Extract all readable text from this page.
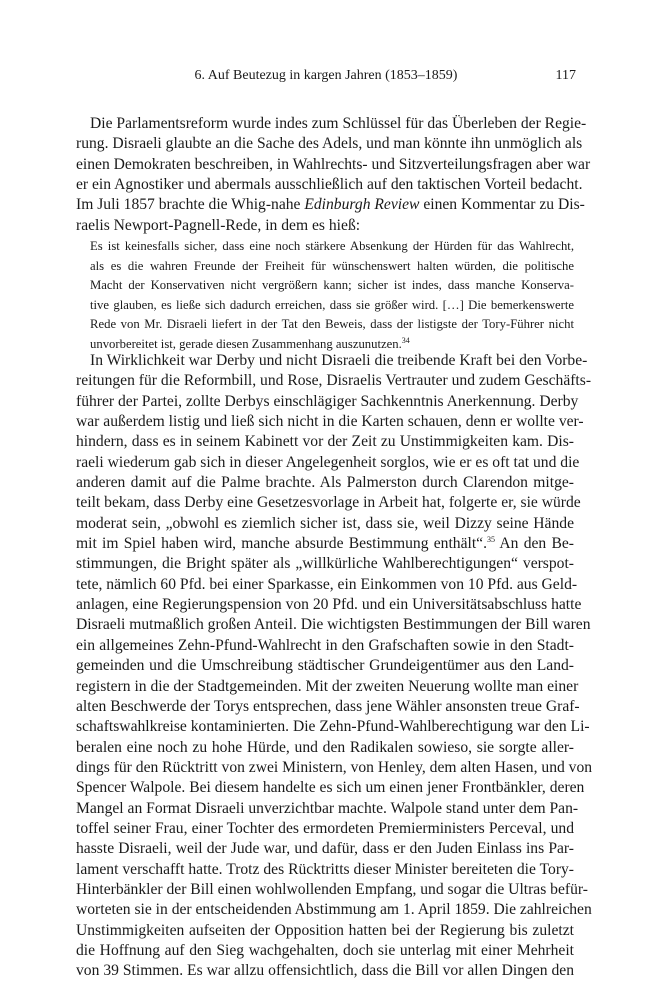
6. Auf Beutezug in kargen Jahren (1853–1859)	117

Die Parlamentsreform wurde indes zum Schlüssel für das Überleben der Regie-
rung. Disraeli glaubte an die Sache des Adels, und man könnte ihn unmöglich als
einen Demokraten beschreiben, in Wahlrechts- und Sitzverteilungsfragen aber war
er ein Agnostiker und abermals ausschließlich auf den taktischen Vorteil bedacht.
Im Juli 1857 brachte die Whig-nahe Edinburgh Review einen Kommentar zu Dis-
raelis Newport-Pagnell-Rede, in dem es hieß:

Es ist keinesfalls sicher, dass eine noch stärkere Absenkung der Hürden für das Wahlrecht,
als es die wahren Freunde der Freiheit für wünschenswert halten würden, die politische
Macht der Konservativen nicht vergrößern kann; sicher ist indes, dass manche Konserva-
tive glauben, es ließe sich dadurch erreichen, dass sie größer wird. […] Die bemerkenswerte
Rede von Mr. Disraeli liefert in der Tat den Beweis, dass der listigste der Tory-Führer nicht
unvorbereitet ist, gerade diesen Zusammenhang auszunutzen.$^{34}$

In Wirklichkeit war Derby und nicht Disraeli die treibende Kraft bei den Vorbe-
reitungen für die Reformbill, und Rose, Disraelis Vertrauter und zudem Geschäfts-
führer der Partei, zollte Derbys einschlägiger Sachkenntnis Anerkennung. Derby
war außerdem listig und ließ sich nicht in die Karten schauen, denn er wollte ver-
hindern, dass es in seinem Kabinett vor der Zeit zu Unstimmigkeiten kam. Dis-
raeli wiederum gab sich in dieser Angelegenheit sorglos, wie er es oft tat und die
anderen damit auf die Palme brachte. Als Palmerston durch Clarendon mitge-
teilt bekam, dass Derby eine Gesetzesvorlage in Arbeit hat, folgerte er, sie würde
moderat sein, „obwohl es ziemlich sicher ist, dass sie, weil Dizzy seine Hände
mit im Spiel haben wird, manche absurde Bestimmung enthält“.$^{35}$ An den Be-
stimmungen, die Bright später als „willkürliche Wahlberechtigungen“ verspot-
tete, nämlich 60 Pfd. bei einer Sparkasse, ein Einkommen von 10 Pfd. aus Geld-
anlagen, eine Regierungspension von 20 Pfd. und ein Universitätsabschluss hatte
Disraeli mutmaßlich großen Anteil. Die wichtigsten Bestimmungen der Bill waren
ein allgemeines Zehn-Pfund-Wahlrecht in den Grafschaften sowie in den Stadt-
gemeinden und die Umschreibung städtischer Grundeigentümer aus den Land-
registern in die der Stadtgemeinden. Mit der zweiten Neuerung wollte man einer
alten Beschwerde der Torys entsprechen, dass jene Wähler ansonsten treue Graf-
schaftswahlkreise kontaminierten. Die Zehn-Pfund-Wahlberechtigung war den Li-
beralen eine noch zu hohe Hürde, und den Radikalen sowieso, sie sorgte aller-
dings für den Rücktritt von zwei Ministern, von Henley, dem alten Hasen, und von
Spencer Walpole. Bei diesem handelte es sich um einen jener Frontbänkler, deren
Mangel an Format Disraeli unverzichtbar machte. Walpole stand unter dem Pan-
toffel seiner Frau, einer Tochter des ermordeten Premierministers Perceval, und
hasste Disraeli, weil der Jude war, und dafür, dass er den Juden Einlass ins Par-
lament verschafft hatte. Trotz des Rücktritts dieser Minister bereiteten die Tory-
Hinterbänkler der Bill einen wohlwollenden Empfang, und sogar die Ultras befür-
worteten sie in der entscheidenden Abstimmung am 1. April 1859. Die zahlreichen
Unstimmigkeiten aufseiten der Opposition hatten bei der Regierung bis zuletzt
die Hoffnung auf den Sieg wachgehalten, doch sie unterlag mit einer Mehrheit
von 39 Stimmen. Es war allzu offensichtlich, dass die Bill vor allen Dingen den
